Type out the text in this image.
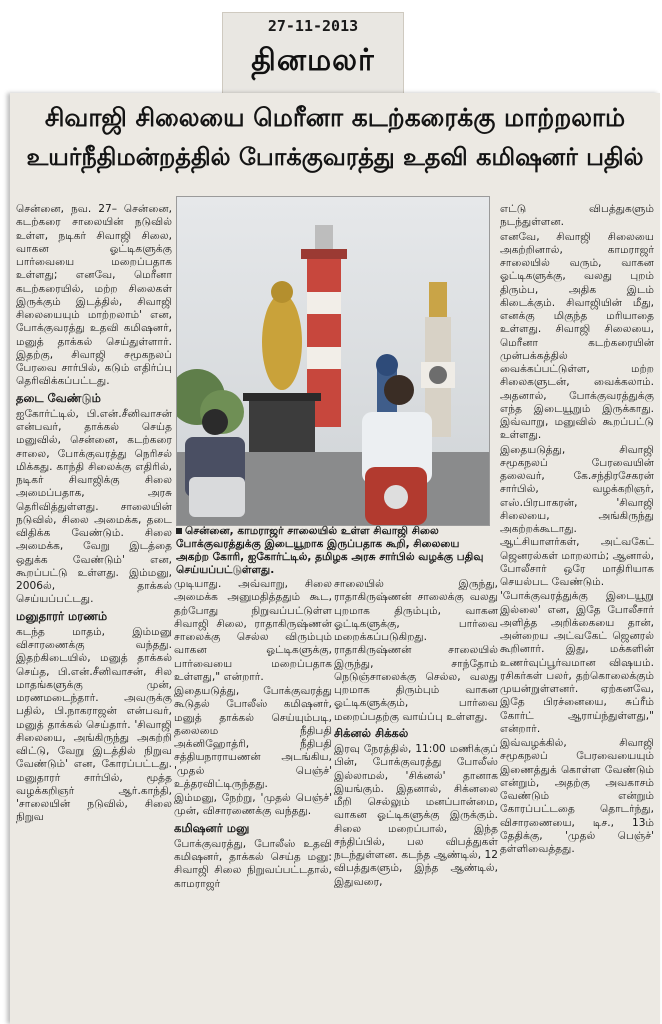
27-11-2013
தினமலர்
சிவாஜி சிலையை மெரீனா கடற்கரைக்கு மாற்றலாம்
உயர்நீதிமன்றத்தில் போக்குவரத்து உதவி கமிஷனர் பதில்

சென்னை, நவ. 27– சென்னை, கடற்கரை சாலையின் நடுவில் உள்ள, நடிகர் சிவாஜி சிலை, வாகன ஓட்டிகளுக்கு பார்வையை மறைப்பதாக உள்ளது; எனவே, மெரீனா கடற்கரையில், மற்ற சிலைகள் இருக்கும் இடத்தில், சிவாஜி சிலையையும் மாற்றலாம்' என, போக்குவரத்து உதவி கமிஷனர், மனுத் தாக்கல் செய்துள்ளார். இதற்கு, சிவாஜி சமூகநலப் பேரவை சார்பில், கடும் எதிர்ப்பு தெரிவிக்கப்பட்டது.

தடை வேண்டும்

ஐகோர்ட்டில், பி.என்.சீனிவாசன் என்பவர், தாக்கல் செய்த மனுவில், சென்னை, கடற்கரை சாலை, போக்குவரத்து நெரிசல் மிக்கது. காந்தி சிலைக்கு எதிரில், நடிகர் சிவாஜிக்கு சிலை அமைப்பதாக, அரசு தெரிவித்துள்ளது. சாலையின் நடுவில், சிலை அமைக்க, தடை விதிக்க வேண்டும். சிலை அமைக்க, வேறு இடத்தை ஒதுக்க வேண்டும்' என, கூறப்பட்டு உள்ளது. இம்மனு, 2006ல், தாக்கல் செய்யப்பட்டது.

மனுதாரர் மரணம்

கடந்த மாதம், இம்மனு விசாரணைக்கு வந்தது. இதற்கிடையில், மனுத் தாக்கல் செய்த, பி.என்.சீனிவாசன், சில மாதங்களுக்கு முன், மரணமடைந்தார். அவருக்கு பதில், பி.நாகராஜன் என்பவர், மனுத் தாக்கல் செய்தார். 'சிவாஜி சிலையை, அங்கிருந்து அகற்றி விட்டு, வேறு இடத்தில் நிறுவ வேண்டும்' என, கோரப்பட்டது. மனுதாரர் சார்பில், மூத்த வழக்கறிஞர் ஆர்.காந்தி, 'சாலையின் நடுவில், சிலை நிறுவ

சென்னை, காமராஜர் சாலையில் உள்ள சிவாஜி சிலை போக்குவரத்துக்கு இடையூறாக இருப்பதாக கூறி, சிலையை அகற்ற கோரி, ஐகோர்ட்டில், தமிழக அரசு சார்பில் வழக்கு பதிவு செய்யப்பட்டுள்ளது.

முடியாது. அவ்வாறு, சிலை அமைக்க அனுமதித்ததும் கூட, தற்போது நிறுவப்பட்டுள்ள சிவாஜி சிலை, ராதாகிருஷ்ணன் சாலைக்கு செல்ல விரும்பும் வாகன ஓட்டிகளுக்கு, பார்வையை மறைப்பதாக உள்ளது," என்றார்.

இதையடுத்து, போக்குவரத்து கூடுதல் போலீஸ் கமிஷனர், மனுத் தாக்கல் செய்யும்படி, தலைமை நீதிபதி அக்னிஹோத்ரி, நீதிபதி சத்தியநாராயணன் அடங்கிய, 'முதல் பெஞ்ச்' உத்தரவிட்டிருந்தது.

இம்மனு, நேற்று, 'முதல் பெஞ்ச்' முன், விசாரணைக்கு வந்தது.

கமிஷனர் மனு

போக்குவரத்து, போலீஸ் உதவி கமிஷனர், தாக்கல் செய்த மனு: சிவாஜி சிலை நிறுவப்பட்டதால், காமராஜர்

சாலையில் இருந்து, ராதாகிருஷ்ணன் சாலைக்கு வலது புறமாக திரும்பும், வாகன ஓட்டிகளுக்கு, பார்வை மறைக்கப்படுகிறது. ராதாகிருஷ்ணன் சாலையில் இருந்து, சாந்தோம் நெடுஞ்சாலைக்கு செல்ல, வலது புறமாக திரும்பும் வாகன ஓட்டிகளுக்கும், பார்வை மறைப்பதற்கு வாய்ப்பு உள்ளது.

சிக்னல் சிக்கல்

இரவு நேரத்தில், 11:00 மணிக்குப் பின், போக்குவரத்து போலீஸ் இல்லாமல், 'சிக்னல்' தானாக இயங்கும். இதனால், சிக்னலை மீறி செல்லும் மனப்பான்மை, வாகன ஓட்டிகளுக்கு இருக்கும். சிலை மறைப்பால், இந்த சந்திப்பில், பல விபத்துகள் நடந்துள்ளன. கடந்த ஆண்டில், 12 விபத்துகளும், இந்த ஆண்டில், இதுவரை,

எட்டு விபத்துகளும் நடந்துள்ளன.

எனவே, சிவாஜி சிலையை அகற்றினால், காமராஜர் சாலையில் வரும், வாகன ஓட்டிகளுக்கு, வலது புறம் திரும்ப, அதிக இடம் கிடைக்கும். சிவாஜியின் மீது, எனக்கு மிகுந்த மரியாதை உள்ளது. சிவாஜி சிலையை, மெரீனா கடற்கரையின் முன்பக்கத்தில் வைக்கப்பட்டுள்ள, மற்ற சிலைகளுடன், வைக்கலாம். அதனால், போக்குவரத்துக்கு எந்த இடையூறும் இருக்காது. இவ்வாறு, மனுவில் கூறப்பட்டு உள்ளது.

இதையடுத்து, சிவாஜி சமூகநலப் பேரவையின் தலைவர், கே.சந்திரசேகரன் சார்பில், வழக்கறிஞர், எஸ்.பிரபாகரன், 'சிவாஜி சிலையை, அங்கிருந்து அகற்றக்கூடாது. ஆட்சியாளர்கள், அட்வகேட் ஜெனரல்கள் மாறலாம்; ஆனால், போலீசார் ஒரே மாதிரியாக செயல்பட வேண்டும்.

'போக்குவரத்துக்கு இடையூறு இல்லை' என, இதே போலீசார் அளித்த அறிக்கையை தான், அன்றைய அட்வகேட் ஜெனரல் கூறினார். இது, மக்களின் உணர்வுப்பூர்வமான விஷயம். ரசிகர்கள் பலர், தற்கொலைக்கும் முயன்றுள்ளனர். ஏற்கனவே, இதே பிரச்னையை, சுப்ரீம் கோர்ட் ஆராய்ந்துள்ளது," என்றார்.

இவ்வழக்கில், சிவாஜி சமூகநலப் பேரவையையும் இணைத்துக் கொள்ள வேண்டும் என்றும், அதற்கு அவகாசம் வேண்டும் என்றும் கோரப்பட்டதை தொடர்ந்து, விசாரணையை, டிச., 13ம் தேதிக்கு, 'முதல் பெஞ்ச்' தள்ளிவைத்தது.
